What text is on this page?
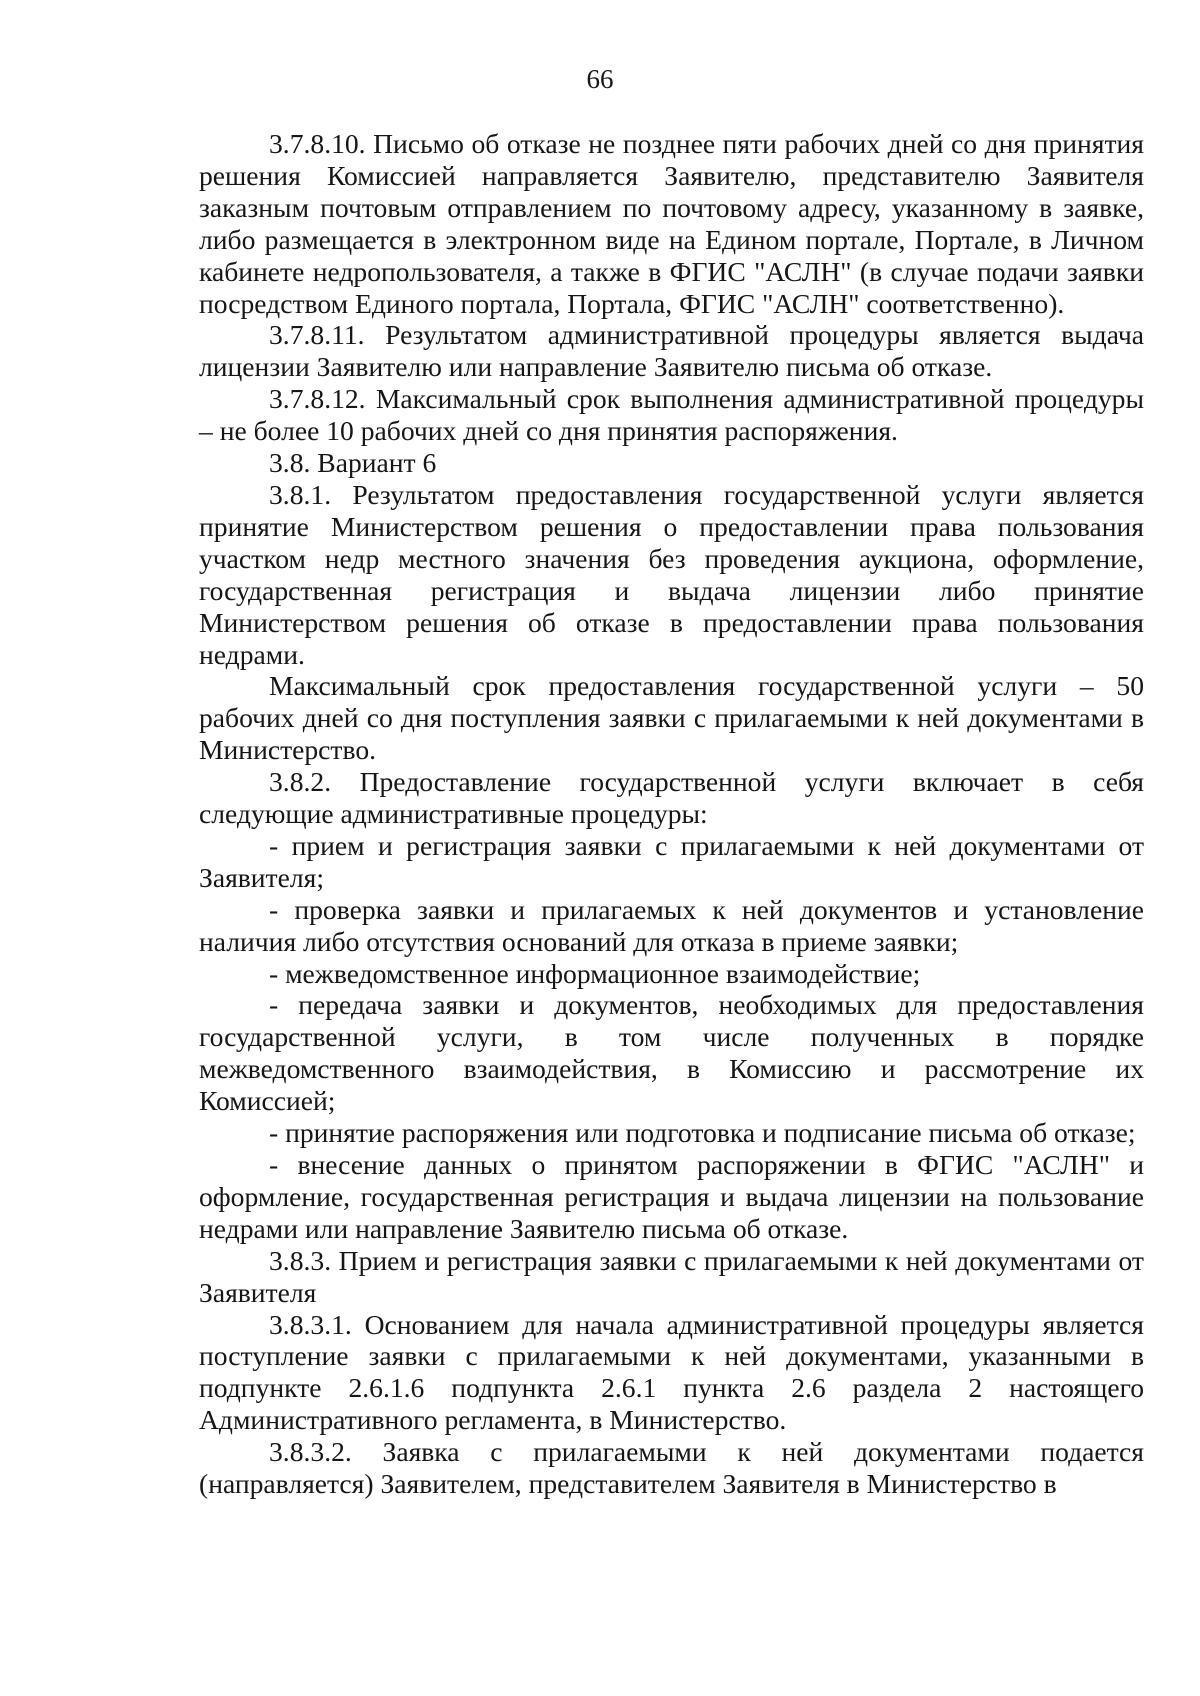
66

3.7.8.10. Письмо об отказе не позднее пяти рабочих дней со дня принятия решения Комиссией направляется Заявителю, представителю Заявителя заказным почтовым отправлением по почтовому адресу, указанному в заявке, либо размещается в электронном виде на Едином портале, Портале, в Личном кабинете недропользователя, а также в ФГИС "АСЛН" (в случае подачи заявки посредством Единого портала, Портала, ФГИС "АСЛН" соответственно).

3.7.8.11. Результатом административной процедуры является выдача лицензии Заявителю или направление Заявителю письма об отказе.

3.7.8.12. Максимальный срок выполнения административной процедуры – не более 10 рабочих дней со дня принятия распоряжения.

3.8. Вариант 6

3.8.1. Результатом предоставления государственной услуги является принятие Министерством решения о предоставлении права пользования участком недр местного значения без проведения аукциона, оформление, государственная регистрация и выдача лицензии либо принятие Министерством решения об отказе в предоставлении права пользования недрами.

Максимальный срок предоставления государственной услуги – 50 рабочих дней со дня поступления заявки с прилагаемыми к ней документами в Министерство.

3.8.2. Предоставление государственной услуги включает в себя следующие административные процедуры:

- прием и регистрация заявки с прилагаемыми к ней документами от Заявителя;

- проверка заявки и прилагаемых к ней документов и установление наличия либо отсутствия оснований для отказа в приеме заявки;

- межведомственное информационное взаимодействие;

- передача заявки и документов, необходимых для предоставления государственной услуги, в том числе полученных в порядке межведомственного взаимодействия, в Комиссию и рассмотрение их Комиссией;

- принятие распоряжения или подготовка и подписание письма об отказе;

- внесение данных о принятом распоряжении в ФГИС "АСЛН" и оформление, государственная регистрация и выдача лицензии на пользование недрами или направление Заявителю письма об отказе.

3.8.3. Прием и регистрация заявки с прилагаемыми к ней документами от Заявителя

3.8.3.1. Основанием для начала административной процедуры является поступление заявки с прилагаемыми к ней документами, указанными в подпункте 2.6.1.6 подпункта 2.6.1 пункта 2.6 раздела 2 настоящего Административного регламента, в Министерство.

3.8.3.2. Заявка с прилагаемыми к ней документами подается (направляется) Заявителем, представителем Заявителя в Министерство в
